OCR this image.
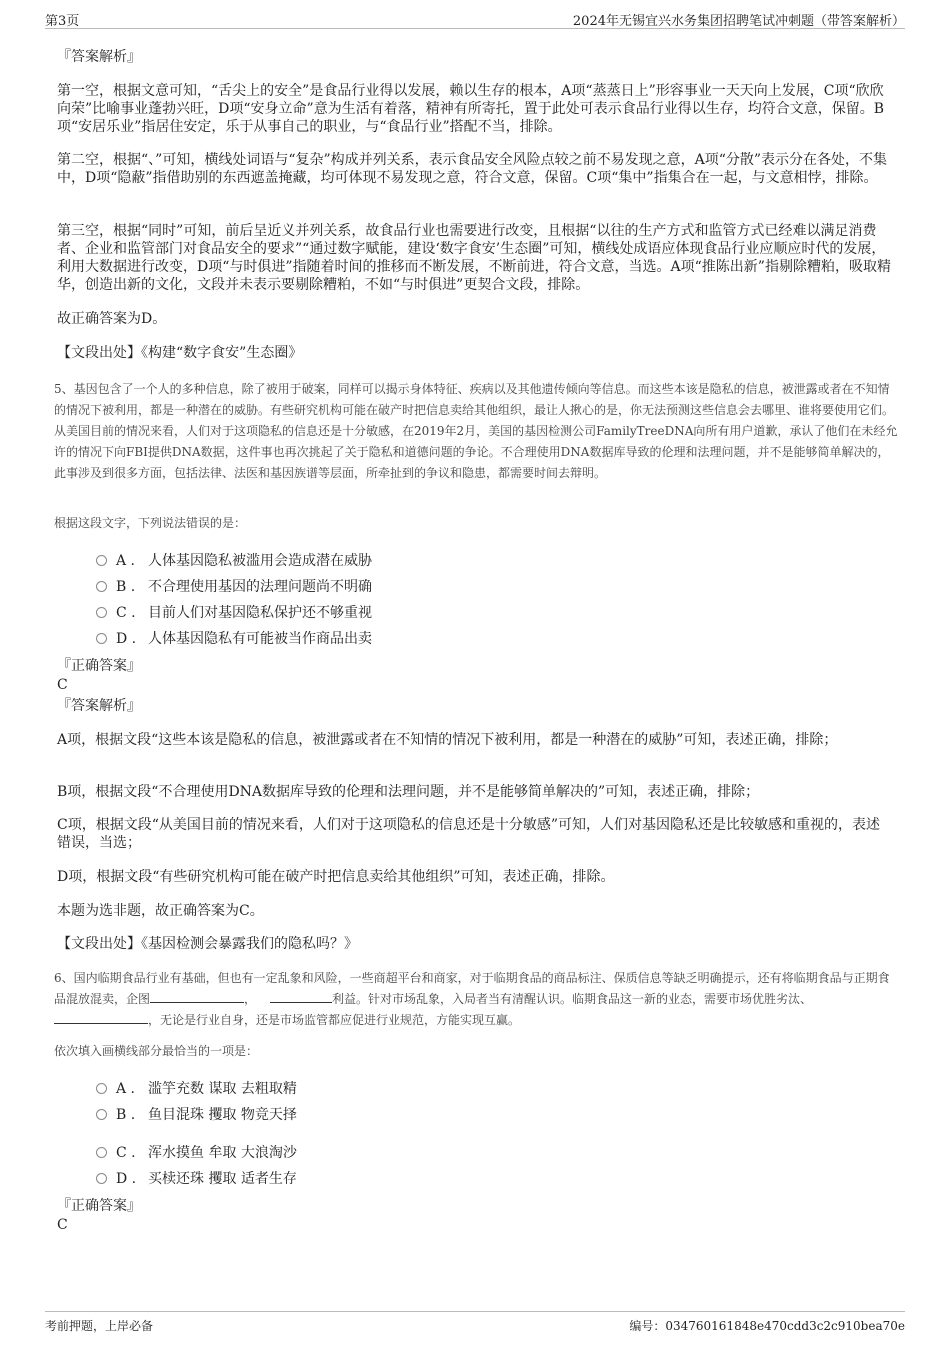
第3页	2024年无锡宜兴水务集团招聘笔试冲刺题（带答案解析）
『答案解析』

第一空，根据文意可知，“舌尖上的安全”是食品行业得以发展，赖以生存的根本，A项“蒸蒸日上”形容事业一天天向上发展，C项“欣欣向荣”比喻事业蓬勃兴旺，D项“安身立命”意为生活有着落，精神有所寄托，置于此处可表示食品行业得以生存，均符合文意，保留。B项“安居乐业”指居住安定，乐于从事自己的职业，与“食品行业”搭配不当，排除。

第二空，根据“、”可知，横线处词语与“复杂”构成并列关系，表示食品安全风险点较之前不易发现之意，A项“分散”表示分在各处，不集中，D项“隐蔽”指借助别的东西遮盖掩藏，均可体现不易发现之意，符合文意，保留。C项“集中”指集合在一起，与文意相悖，排除。

第三空，根据“同时”可知，前后呈近义并列关系，故食品行业也需要进行改变，且根据“以往的生产方式和监管方式已经难以满足消费者、企业和监管部门对食品安全的要求”“通过数字赋能，建设‘数字食安’生态圈”可知，横线处成语应体现食品行业应顺应时代的发展，利用大数据进行改变，D项“与时俱进”指随着时间的推移而不断发展，不断前进，符合文意，当选。A项“推陈出新”指剔除糟粕，吸取精华，创造出新的文化，文段并未表示要剔除糟粕，不如“与时俱进”更契合文段，排除。

故正确答案为D。
【文段出处】《构建“数字食安”生态圈》

5、基因包含了一个人的多种信息，除了被用于破案，同样可以揭示身体特征、疾病以及其他遗传倾向等信息。而这些本该是隐私的信息，被泄露或者在不知情的情况下被利用，都是一种潜在的威胁。有些研究机构可能在破产时把信息卖给其他组织，最让人揪心的是，你无法预测这些信息会去哪里、谁将要使用它们。从美国目前的情况来看，人们对于这项隐私的信息还是十分敏感，在2019年2月，美国的基因检测公司FamilyTreeDNA向所有用户道歉，承认了他们在未经允许的情况下向FBI提供DNA数据，这件事也再次挑起了关于隐私和道德问题的争论。不合理使用DNA数据库导致的伦理和法理问题，并不是能够简单解决的，此事涉及到很多方面，包括法律、法医和基因族谱等层面，所牵扯到的争议和隐患，都需要时间去辩明。

根据这段文字，下列说法错误的是：
A . 人体基因隐私被滥用会造成潜在威胁
B . 不合理使用基因的法理问题尚不明确
C . 目前人们对基因隐私保护还不够重视
D . 人体基因隐私有可能被当作商品出卖
『正确答案』
C
『答案解析』

A项，根据文段“这些本该是隐私的信息，被泄露或者在不知情的情况下被利用，都是一种潜在的威胁”可知，表述正确，排除；

B项，根据文段“不合理使用DNA数据库导致的伦理和法理问题，并不是能够简单解决的”可知，表述正确，排除；

C项，根据文段“从美国目前的情况来看，人们对于这项隐私的信息还是十分敏感”可知，人们对基因隐私还是比较敏感和重视的，表述错误，当选；

D项，根据文段“有些研究机构可能在破产时把信息卖给其他组织”可知，表述正确，排除。

本题为选非题，故正确答案为C。
【文段出处】《基因检测会暴露我们的隐私吗？》

6、国内临期食品行业有基础，但也有一定乱象和风险，一些商超平台和商家，对于临期食品的商品标注、保质信息等缺乏明确提示，还有将临期食品与正期食品混放混卖，企图	，	利益。针对市场乱象，入局者当有清醒认识。临期食品这一新的业态，需要市场优胜劣汰、，无论是行业自身，还是市场监管都应促进行业规范，方能实现互赢。

依次填入画横线部分最恰当的一项是：
A . 滥竽充数 谋取 去粗取精
B . 鱼目混珠 攫取 物竞天择
C . 浑水摸鱼 牟取 大浪淘沙
D . 买椟还珠 攫取 适者生存
『正确答案』
C
考前押题，上岸必备	编号：034760161848e470cdd3c2c910bea70e
